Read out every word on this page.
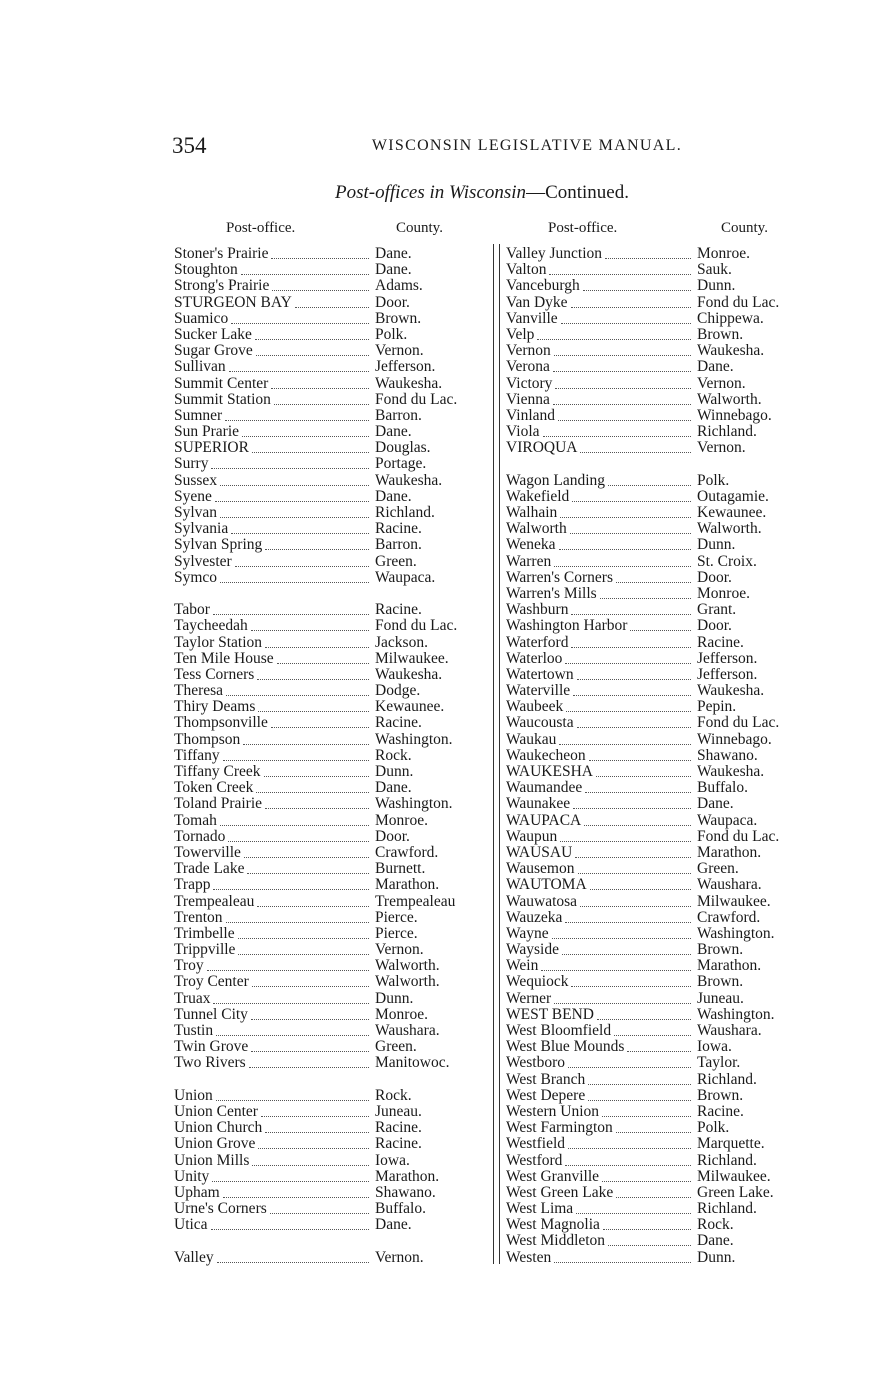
354	WISCONSIN LEGISLATIVE MANUAL.
Post-offices in Wisconsin—Continued.
Post-office.	County.
Stoner's Prairie	Dane.
Stoughton	Dane.
Strong's Prairie	Adams.
STURGEON BAY	Door.
Suamico	Brown.
Sucker Lake	Polk.
Sugar Grove	Vernon.
Sullivan	Jefferson.
Summit Center	Waukesha.
Summit Station	Fond du Lac.
Sumner	Barron.
Sun Prarie	Dane.
SUPERIOR	Douglas.
Surry	Portage.
Sussex	Waukesha.
Syene	Dane.
Sylvan	Richland.
Sylvania	Racine.
Sylvan Spring	Barron.
Sylvester	Green.
Symco	Waupaca.
Tabor	Racine.
Taycheedah	Fond du Lac.
Taylor Station	Jackson.
Ten Mile House	Milwaukee.
Tess Corners	Waukesha.
Theresa	Dodge.
Thiry Deams	Kewaunee.
Thompsonville	Racine.
Thompson	Washington.
Tiffany	Rock.
Tiffany Creek	Dunn.
Token Creek	Dane.
Toland Prairie	Washington.
Tomah	Monroe.
Tornado	Door.
Towerville	Crawford.
Trade Lake	Burnett.
Trapp	Marathon.
Trempealeau	Trempealeau
Trenton	Pierce.
Trimbelle	Pierce.
Trippville	Vernon.
Troy	Walworth.
Troy Center	Walworth.
Truax	Dunn.
Tunnel City	Monroe.
Tustin	Waushara.
Twin Grove	Green.
Two Rivers	Manitowoc.
Union	Rock.
Union Center	Juneau.
Union Church	Racine.
Union Grove	Racine.
Union Mills	Iowa.
Unity	Marathon.
Upham	Shawano.
Urne's Corners	Buffalo.
Utica	Dane.
Valley	Vernon.
Post-office.	County.
Valley Junction	Monroe.
Valton	Sauk.
Vanceburgh	Dunn.
Van Dyke	Fond du Lac.
Vanville	Chippewa.
Velp	Brown.
Vernon	Waukesha.
Verona	Dane.
Victory	Vernon.
Vienna	Walworth.
Vinland	Winnebago.
Viola	Richland.
VIROQUA	Vernon.
Wagon Landing	Polk.
Wakefield	Outagamie.
Walhain	Kewaunee.
Walworth	Walworth.
Weneka	Dunn.
Warren	St. Croix.
Warren's Corners	Door.
Warren's Mills	Monroe.
Washburn	Grant.
Washington Harbor	Door.
Waterford	Racine.
Waterloo	Jefferson.
Watertown	Jefferson.
Waterville	Waukesha.
Waubeek	Pepin.
Waucousta	Fond du Lac.
Waukau	Winnebago.
Waukecheon	Shawano.
WAUKESHA	Waukesha.
Waumandee	Buffalo.
Waunakee	Dane.
WAUPACA	Waupaca.
Waupun	Fond du Lac.
WAUSAU	Marathon.
Wausemon	Green.
WAUTOMA	Waushara.
Wauwatosa	Milwaukee.
Wauzeka	Crawford.
Wayne	Washington.
Wayside	Brown.
Wein	Marathon.
Wequiock	Brown.
Werner	Juneau.
WEST BEND	Washington.
West Bloomfield	Waushara.
West Blue Mounds	Iowa.
Westboro	Taylor.
West Branch	Richland.
West Depere	Brown.
Western Union	Racine.
West Farmington	Polk.
Westfield	Marquette.
Westford	Richland.
West Granville	Milwaukee.
West Green Lake	Green Lake.
West Lima	Richland.
West Magnolia	Rock.
West Middleton	Dane.
Westen	Dunn.
